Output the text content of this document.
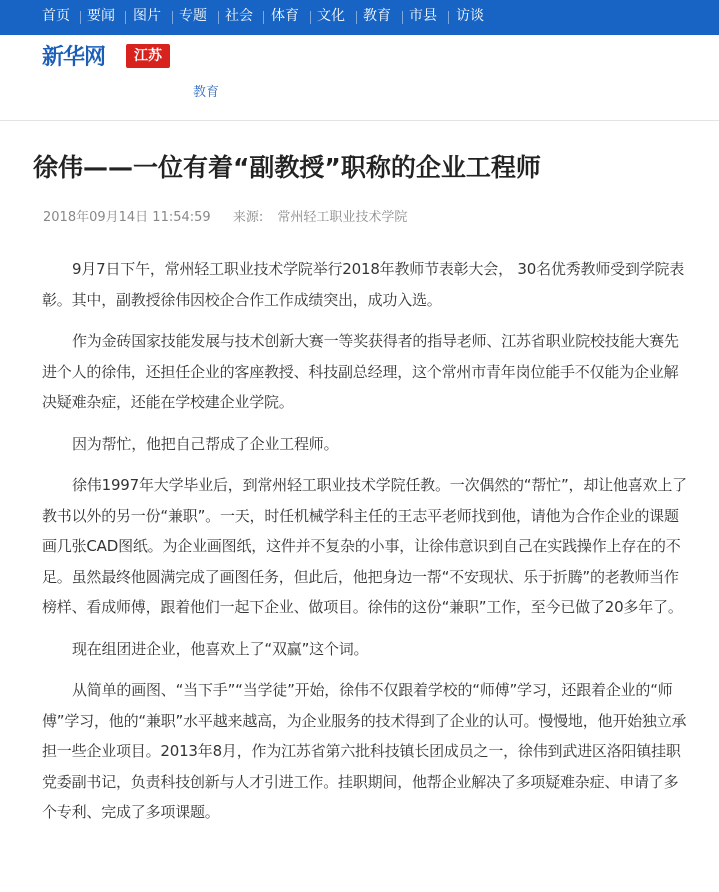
首页 要闻 图片 专题 社会 体育 文化 教育 市县 访谈
新华网	江苏
教育
徐伟——一位有着“副教授”职称的企业工程师
2018年09月14日 11:54:59 来源: 常州轻工职业技术学院

9月7日下午，常州轻工职业技术学院举行2018年教师节表彰大会， 30名优秀教师受到学院表彰。其中，副教授徐伟因校企合作工作成绩突出，成功入选。

作为金砖国家技能发展与技术创新大赛一等奖获得者的指导老师、江苏省职业院校技能大赛先进个人的徐伟，还担任企业的客座教授、科技副总经理，这个常州市青年岗位能手不仅能为企业解决疑难杂症，还能在学校建企业学院。

因为帮忙，他把自己帮成了企业工程师。

徐伟1997年大学毕业后，到常州轻工职业技术学院任教。一次偶然的“帮忙”，却让他喜欢上了教书以外的另一份“兼职”。一天，时任机械学科主任的王志平老师找到他，请他为合作企业的课题画几张CAD图纸。为企业画图纸，这件并不复杂的小事，让徐伟意识到自己在实践操作上存在的不足。虽然最终他圆满完成了画图任务，但此后，他把身边一帮“不安现状、乐于折腾”的老教师当作榜样、看成师傅，跟着他们一起下企业、做项目。徐伟的这份“兼职”工作，至今已做了20多年了。

现在组团进企业，他喜欢上了“双赢”这个词。

从简单的画图、“当下手”“当学徒”开始，徐伟不仅跟着学校的“师傅”学习，还跟着企业的“师傅”学习，他的“兼职”水平越来越高，为企业服务的技术得到了企业的认可。慢慢地，他开始独立承担一些企业项目。2013年8月，作为江苏省第六批科技镇长团成员之一，徐伟到武进区洛阳镇挂职党委副书记，负责科技创新与人才引进工作。挂职期间，他帮企业解决了多项疑难杂症、申请了多个专利、完成了多项课题。
